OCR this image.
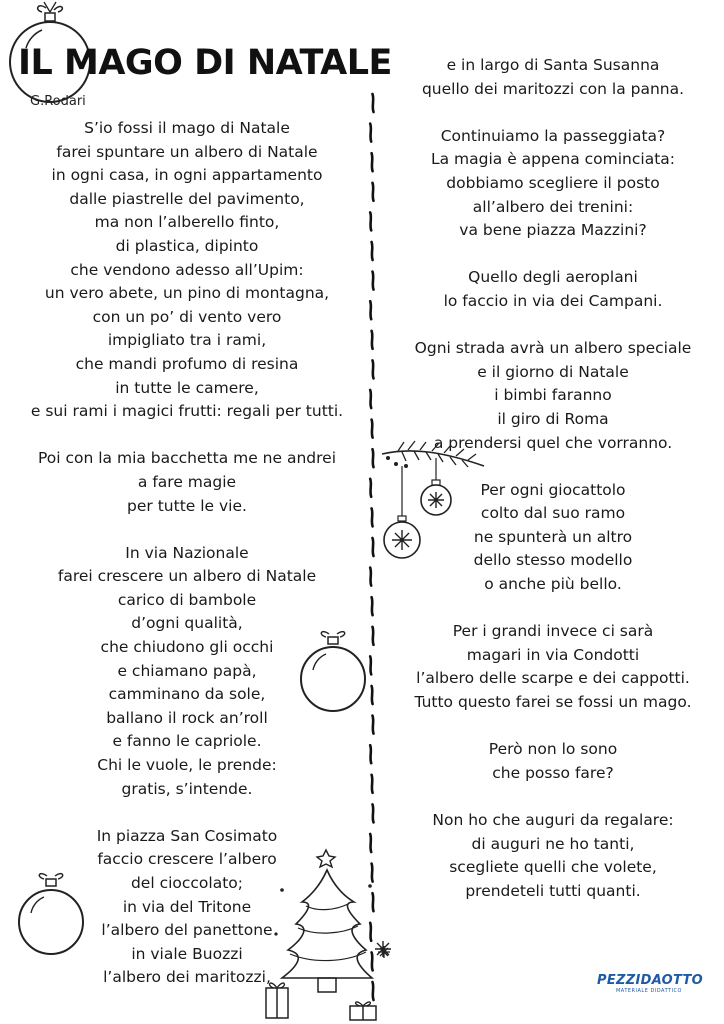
IL MAGO DI NATALE
G.Rodari

S’io fossi il mago di Natale
farei spuntare un albero di Natale
in ogni casa, in ogni appartamento
dalle piastrelle del pavimento,
ma non l’alberello finto,
di plastica, dipinto
che vendono adesso all’Upim:
un vero abete, un pino di montagna,
con un po’ di vento vero
impigliato tra i rami,
che mandi profumo di resina
in tutte le camere,
e sui rami i magici frutti: regali per tutti.

Poi con la mia bacchetta me ne andrei
a fare magie
per tutte le vie.

In via Nazionale
farei crescere un albero di Natale
carico di bambole
d’ogni qualità,
che chiudono gli occhi
e chiamano papà,
camminano da sole,
ballano il rock an’roll
e fanno le capriole.
Chi le vuole, le prende:
gratis, s’intende.

In piazza San Cosimato
faccio crescere l’albero
del cioccolato;
in via del Tritone
l’albero del panettone
in viale Buozzi
l’albero dei maritozzi,

e in largo di Santa Susanna
quello dei maritozzi con la panna.

Continuiamo la passeggiata?
La magia è appena cominciata:
dobbiamo scegliere il posto
all’albero dei trenini:
va bene piazza Mazzini?

Quello degli aeroplani
lo faccio in via dei Campani.

Ogni strada avrà un albero speciale
e il giorno di Natale
i bimbi faranno
il giro di Roma
a prendersi quel che vorranno.

Per ogni giocattolo
colto dal suo ramo
ne spunterà un altro
dello stesso modello
o anche più bello.

Per i grandi invece ci sarà
magari in via Condotti
l’albero delle scarpe e dei cappotti.
Tutto questo farei se fossi un mago.

Però non lo sono
che posso fare?

Non ho che auguri da regalare:
di auguri ne ho tanti,
scegliete quelli che volete,
prendeteli tutti quanti.

PEZZIDAOTTO
MATERIALE DIDATTICO
